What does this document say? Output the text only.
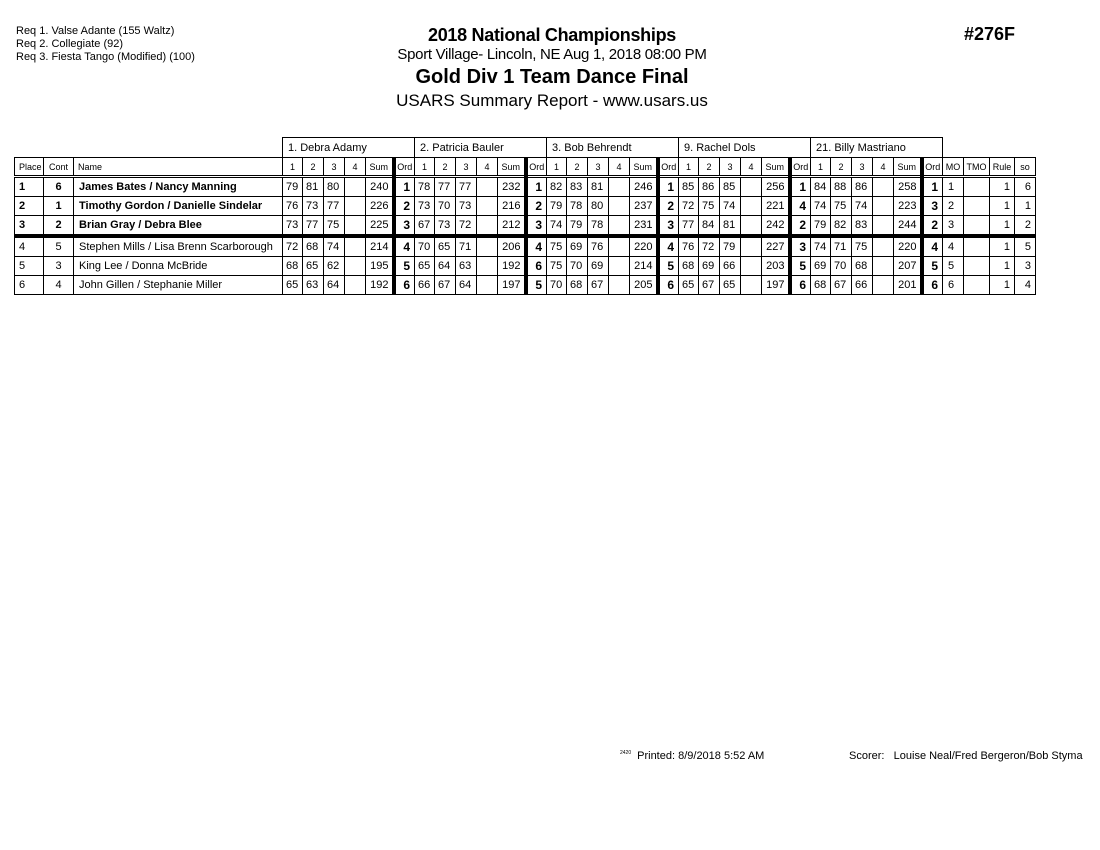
Req 1. Valse Adante (155 Waltz)
Req 2. Collegiate (92)
Req 3. Fiesta Tango (Modified) (100)
2018 National Championships
Sport Village- Lincoln, NE Aug 1, 2018 08:00 PM
Gold Div 1 Team Dance Final
USARS Summary Report - www.usars.us
#276F
			1. Debra Adamy						2. Patricia Bauler						3. Bob Behrendt						9. Rachel Dols						21. Billy Mastriano									
Place	Cont	Name	1	2	3	4	Sum	Ord	1	2	3	4	Sum	Ord	1	2	3	4	Sum	Ord	1	2	3	4	Sum	Ord	1	2	3	4	Sum	Ord	MO	TMO	Rule	so
1	6	James Bates / Nancy Manning	79	81	80		240	1	78	77	77		232	1	82	83	81		246	1	85	86	85		256	1	84	88	86		258	1	1		1	6
2	1	Timothy Gordon / Danielle Sindelar	76	73	77		226	2	73	70	73		216	2	79	78	80		237	2	72	75	74		221	4	74	75	74		223	3	2		1	1
3	2	Brian Gray / Debra Blee	73	77	75		225	3	67	73	72		212	3	74	79	78		231	3	77	84	81		242	2	79	82	83		244	2	3		1	2
4	5	Stephen Mills / Lisa Brenn Scarborough	72	68	74		214	4	70	65	71		206	4	75	69	76		220	4	76	72	79		227	3	74	71	75		220	4	4		1	5
5	3	King Lee / Donna McBride	68	65	62		195	5	65	64	63		192	6	75	70	69		214	5	68	69	66		203	5	69	70	68		207	5	5		1	3
6	4	John Gillen / Stephanie Miller	65	63	64		192	6	66	67	64		197	5	70	68	67		205	6	65	67	65		197	6	68	67	66		201	6	6		1	4
$^{2420}$ Printed: 8/9/2018 5:52 AM	Scorer: Louise Neal/Fred Bergeron/Bob Styma
